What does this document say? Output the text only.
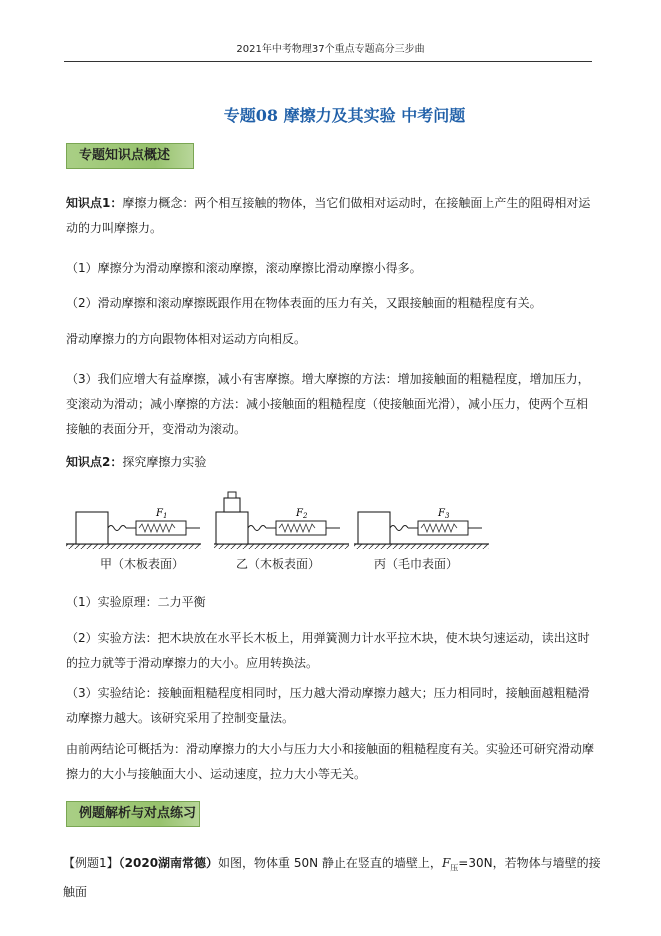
2021年中考物理37个重点专题高分三步曲
专题08 摩擦力及其实验 中考问题
专题知识点概述
知识点1：摩擦力概念：两个相互接触的物体，当它们做相对运动时，在接触面上产生的阻碍相对运动的力叫摩擦力。
（1）摩擦分为滑动摩擦和滚动摩擦，滚动摩擦比滑动摩擦小得多。
（2）滑动摩擦和滚动摩擦既跟作用在物体表面的压力有关，又跟接触面的粗糙程度有关。
滑动摩擦力的方向跟物体相对运动方向相反。
（3）我们应增大有益摩擦，减小有害摩擦。增大摩擦的方法：增加接触面的粗糙程度，增加压力，变滚动为滑动；减小摩擦的方法：减小接触面的粗糙程度（使接触面光滑），减小压力，使两个互相接触的表面分开，变滑动为滚动。
知识点2：探究摩擦力实验
$F_1$	$F_2$	$F_3$
甲（木板表面）	乙（木板表面）	丙（毛巾表面）
（1）实验原理：二力平衡
（2）实验方法：把木块放在水平长木板上，用弹簧测力计水平拉木块，使木块匀速运动，读出这时的拉力就等于滑动摩擦力的大小。应用转换法。
（3）实验结论：接触面粗糙程度相同时，压力越大滑动摩擦力越大；压力相同时，接触面越粗糙滑动摩擦力越大。该研究采用了控制变量法。
由前两结论可概括为：滑动摩擦力的大小与压力大小和接触面的粗糙程度有关。实验还可研究滑动摩擦力的大小与接触面大小、运动速度，拉力大小等无关。
例题解析与对点练习
【例题1】（2020湖南常德）如图，物体重 50N 静止在竖直的墙壁上，$F_压=30N$，若物体与墙壁的接触面
